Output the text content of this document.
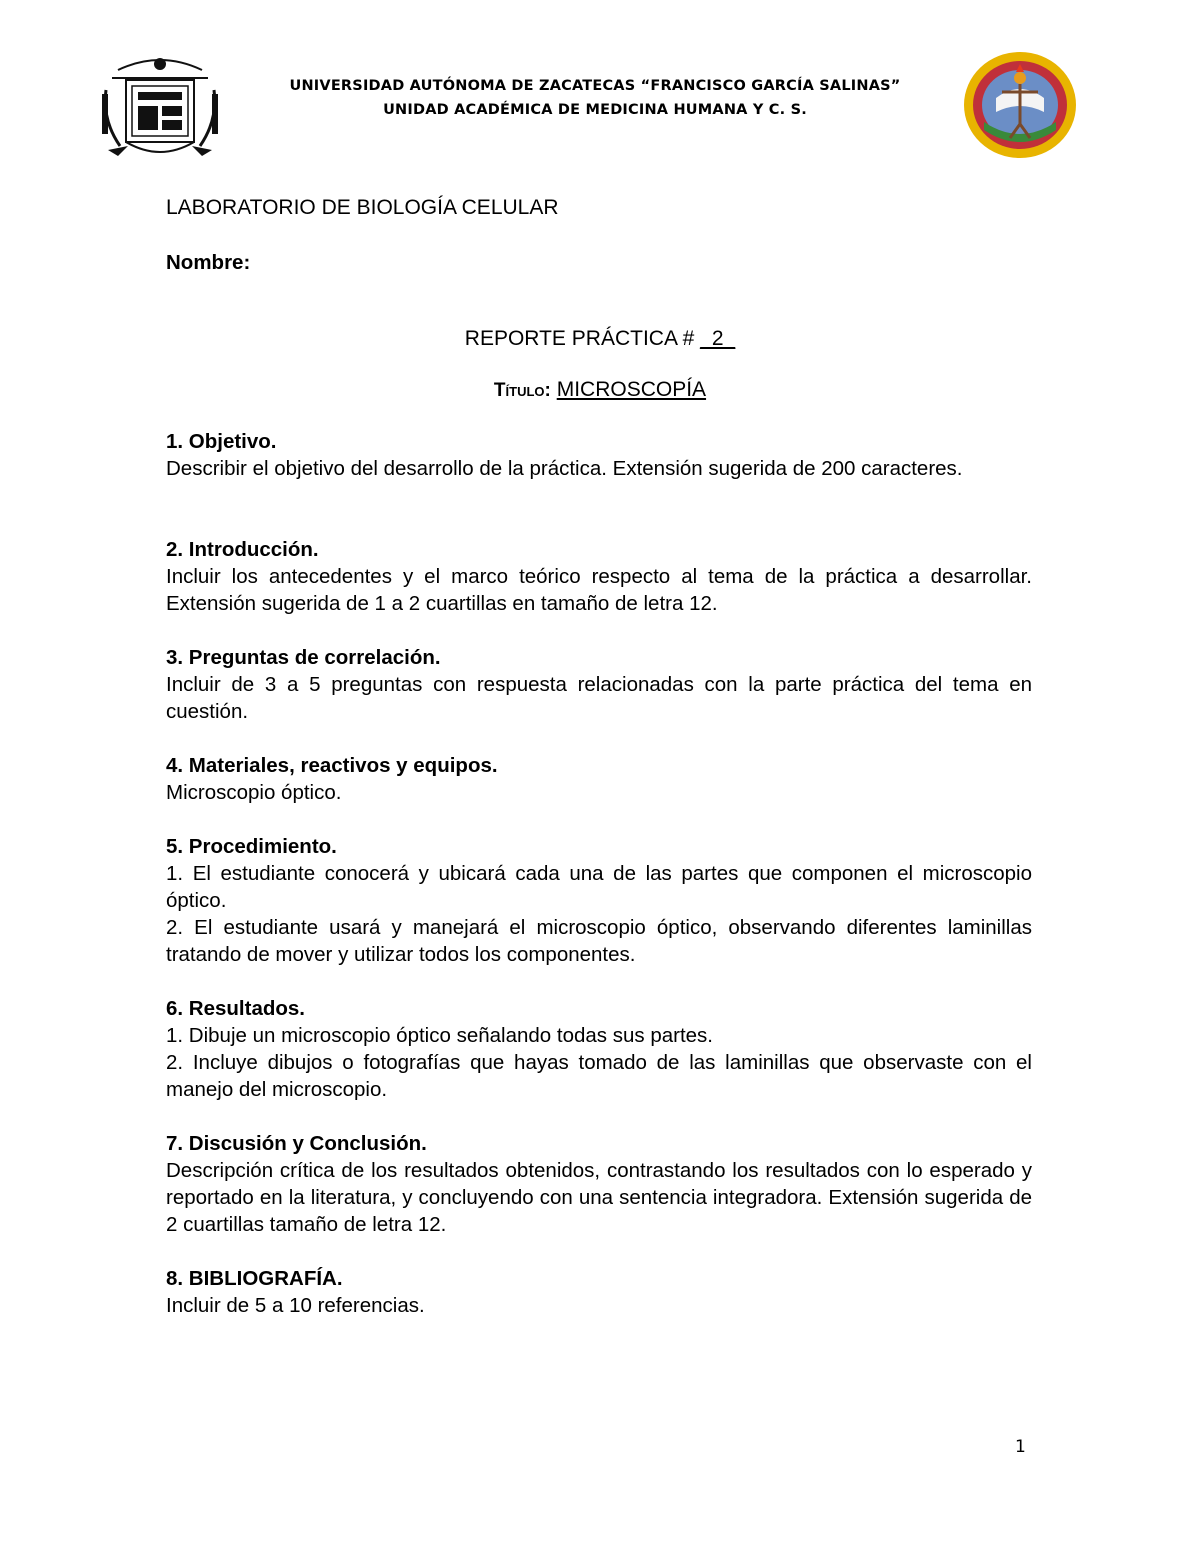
UNIVERSIDAD AUTÓNOMA DE ZACATECAS “FRANCISCO GARCÍA SALINAS”
UNIDAD ACADÉMICA DE MEDICINA HUMANA Y C. S.
LABORATORIO DE BIOLOGÍA CELULAR
Nombre:
REPORTE PRÁCTICA # _2_
Título: MICROSCOPÍA
1. Objetivo.

Describir el objetivo del desarrollo de la práctica. Extensión sugerida de 200 caracteres.

2. Introducción.

Incluir los antecedentes y el marco teórico respecto al tema de la práctica a desarrollar. Extensión sugerida de 1 a 2 cuartillas en tamaño de letra 12.

3. Preguntas de correlación.

Incluir de 3 a 5 preguntas con respuesta relacionadas con la parte práctica del tema en cuestión.

4. Materiales, reactivos y equipos.

Microscopio óptico.

5. Procedimiento.

1. El estudiante conocerá y ubicará cada una de las partes que componen el microscopio óptico.

2. El estudiante usará y manejará el microscopio óptico, observando diferentes laminillas tratando de mover y utilizar todos los componentes.

6. Resultados.

1. Dibuje un microscopio óptico señalando todas sus partes.

2. Incluye dibujos o fotografías que hayas tomado de las laminillas que observaste con el manejo del microscopio.

7. Discusión y Conclusión.

Descripción crítica de los resultados obtenidos, contrastando los resultados con lo esperado y reportado en la literatura, y concluyendo con una sentencia integradora. Extensión sugerida de 2 cuartillas tamaño de letra 12.

8. BIBLIOGRAFÍA.

Incluir de 5 a 10 referencias.

1
